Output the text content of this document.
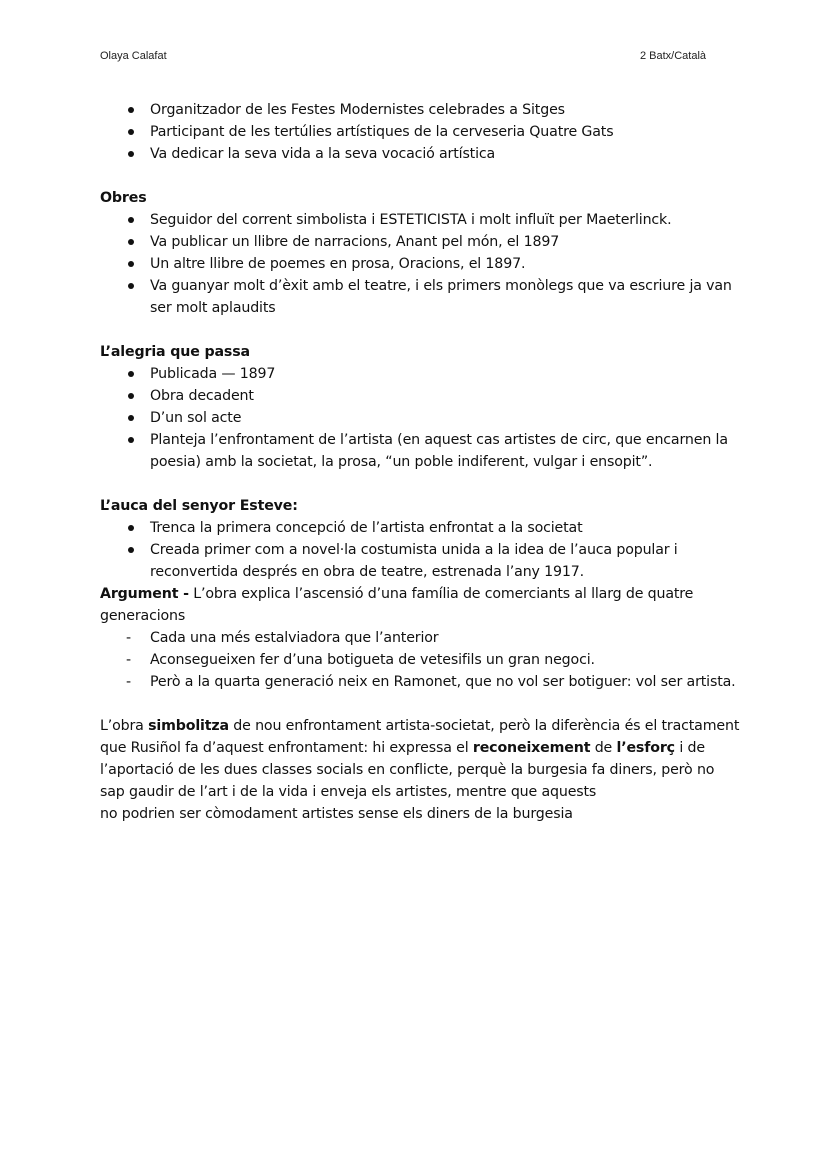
Olaya Calafat	2 Batx/Català
Organitzador de les Festes Modernistes celebrades a Sitges
Participant de les tertúlies artístiques de la cerveseria Quatre Gats
Va dedicar la seva vida a la seva vocació artística
Obres
Seguidor del corrent simbolista i ESTETICISTA i molt influït per Maeterlinck.
Va publicar un llibre de narracions, Anant pel món, el 1897
Un altre llibre de poemes en prosa, Oracions, el 1897.
Va guanyar molt d’èxit amb el teatre, i els primers monòlegs que va escriure ja van ser molt aplaudits
L’alegria que passa
Publicada — 1897
Obra decadent
D’un sol acte
Planteja l’enfrontament de l’artista (en aquest cas artistes de circ, que encarnen la poesia) amb la societat, la prosa, “un poble indiferent, vulgar i ensopit”.
L’auca del senyor Esteve:
Trenca la primera concepció de l’artista enfrontat a la societat
Creada primer com a novel·la costumista unida a la idea de l’auca popular i reconvertida després en obra de teatre, estrenada l’any 1917.

Argument - L’obra explica l’ascensió d’una família de comerciants al llarg de quatre generacions

- Cada una més estalviadora que l’anterior
- Aconsegueixen fer d’una botigueta de vetesifils un gran negoci.
- Però a la quarta generació neix en Ramonet, que no vol ser botiguer: vol ser artista.

L’obra simbolitza de nou enfrontament artista-societat, però la diferència és el tractament que Rusiñol fa d’aquest enfrontament: hi expressa el reconeixement de l’esforç i de l’aportació de les dues classes socials en conflicte, perquè la burgesia fa diners, però no sap gaudir de l’art i de la vida i enveja els artistes, mentre que aquests

no podrien ser còmodament artistes sense els diners de la burgesia
